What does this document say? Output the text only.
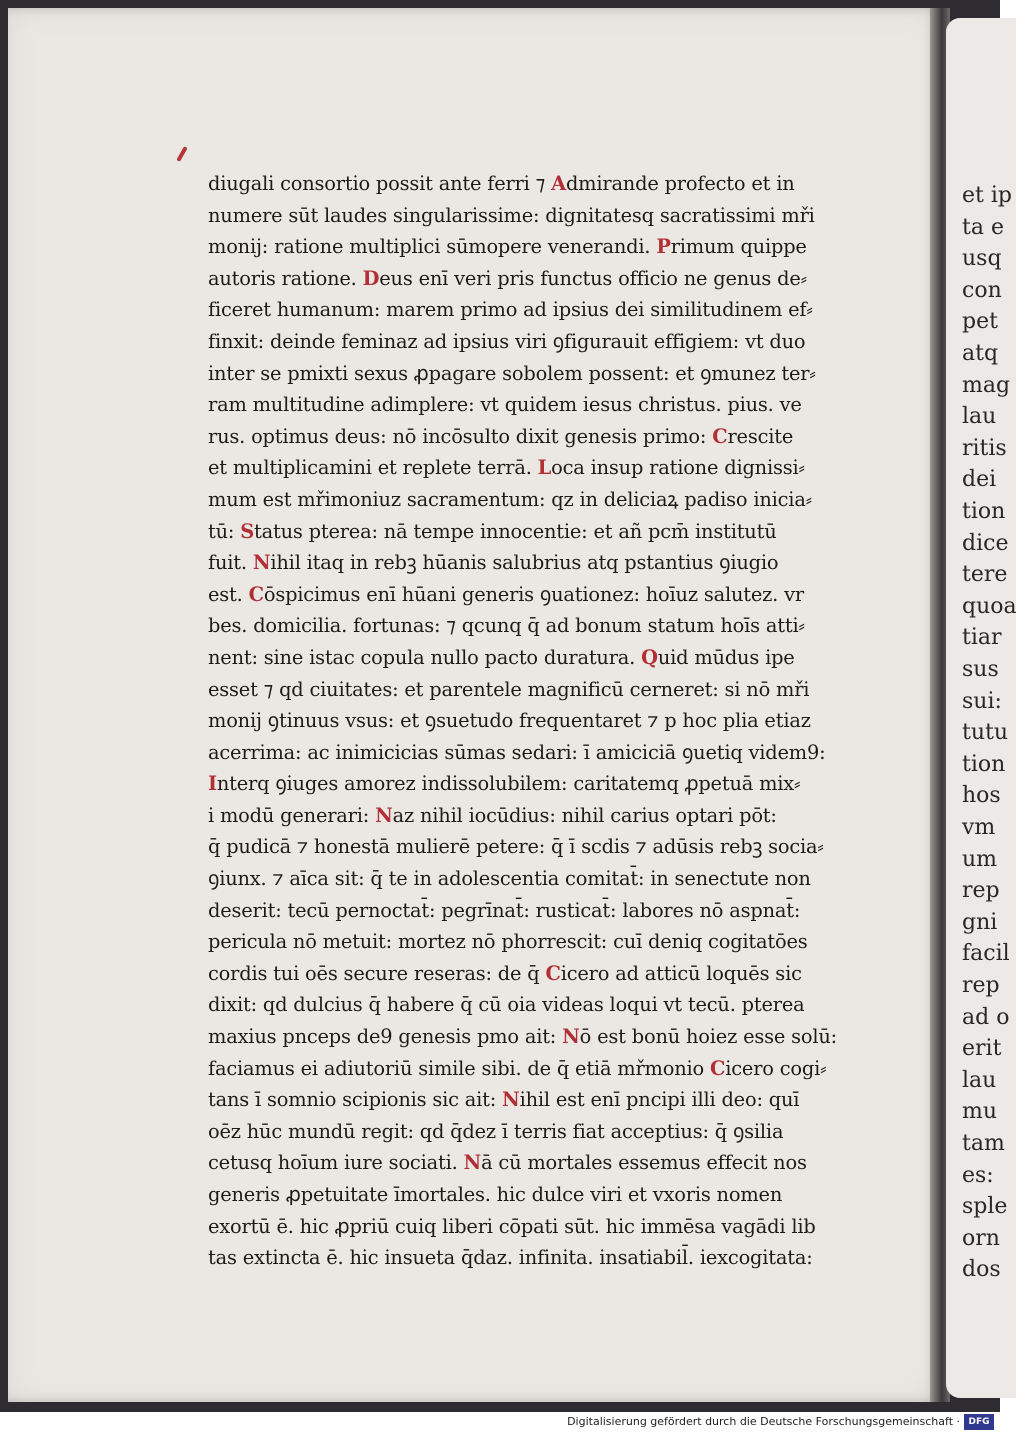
diugali consortio possit ante ferri ⁊ Admirande profecto et in
numere sūt laudes singularissime: dignitatesq sacratissimi mři
monij: ratione multiplici sūmopere venerandi. Primum quippe
autoris ratione. Deus enī veri pris functus officio ne genus de⸗
ficeret humanum: marem primo ad ipsius dei similitudinem ef⸗
finxit: deinde feminaz ad ipsius viri ꝯfigurauit effigiem: vt duo
inter se pmixti sexus ꝓpagare sobolem possent: et ꝯmunez ter⸗
ram multitudine adimplere: vt quidem iesus christus. pius. ve
rus. optimus deus: nō incōsulto dixit genesis primo: Crescite
et multiplicamini et replete terrā. Loca insup ratione dignissi⸗
mum est mřimoniuz sacramentum: qz in deliciaꝝ padiso inicia⸗
tū: Status pterea: nā tempe innocentie: et añ pcm̄ institutū
fuit. Nihil itaq in rebꝫ hūanis salubrius atq pstantius ꝯiugio
est. Cōspicimus enī hūani generis ꝯuationez: hoīuz salutez. vr
bes. domicilia. fortunas: ⁊ qcunq q̄ ad bonum statum hoīs atti⸗
nent: sine istac copula nullo pacto duratura. Quid mūdus ipe
esset ⁊ qd ciuitates: et parentele magnificū cerneret: si nō mři
monij ꝯtinuus vsus: et ꝯsuetudo frequentaret ⁊ p hoc plia etiaz
acerrima: ac inimicicias sūmas sedari: ī amiciciā ꝯuetiq videm9:
Interq ꝯiuges amorez indissolubilem: caritatemq ꝓpetuā mix⸗
i modū generari: Naz nihil iocūdius: nihil carius optari pōt:
q̄ pudicā ⁊ honestā mulierē petere: q̄ ī scdis ⁊ adūsis rebꝫ socia⸗
ꝯiunx. ⁊ aīca sit: q̄ te in adolescentia comitat̄: in senectute non
deserit: tecū pernoctat̄: pegrīnat̄: rusticat̄: labores nō aspnat̄:
pericula nō metuit: mortez nō phorrescit: cuī deniq cogitatōes
cordis tui oēs secure reseras: de q̄ Cicero ad atticū loquēs sic
dixit: qd dulcius q̄ habere q̄ cū oia videas loqui vt tecū. pterea
maxius pnceps de9 genesis pmo ait: Nō est bonū hoiez esse solū:
faciamus ei adiutoriū simile sibi. de q̄ etiā mřmonio Cicero cogi⸗
tans ī somnio scipionis sic ait: Nihil est enī pncipi illi deo: quī
oēz hūc mundū regit: qd q̄dez ī terris fiat acceptius: q̄ ꝯsilia
cetusq hoīum iure sociati. Nā cū mortales essemus effecit nos
generis ꝓpetuitate īmortales. hic dulce viri et vxoris nomen
exortū ē. hic ꝓpriū cuiq liberi cōpati sūt. hic immēsa vagādi lib
tas extincta ē. hic insueta q̄daz. infinita. insatiabil̄. iexcogitata:
et ip
ta e
usq
con
pet
atq
mag
lau
ritis
dei
tion
dice
tere
quoa
tiar
sus
sui:
tutu
tion
hos
vm
um
rep
gni
facil
rep
ad o
erit
lau
mu
tam
es:
sple
orn
dos
Digitalisierung gefördert durch die Deutsche Forschungsgemeinschaft · DFG
